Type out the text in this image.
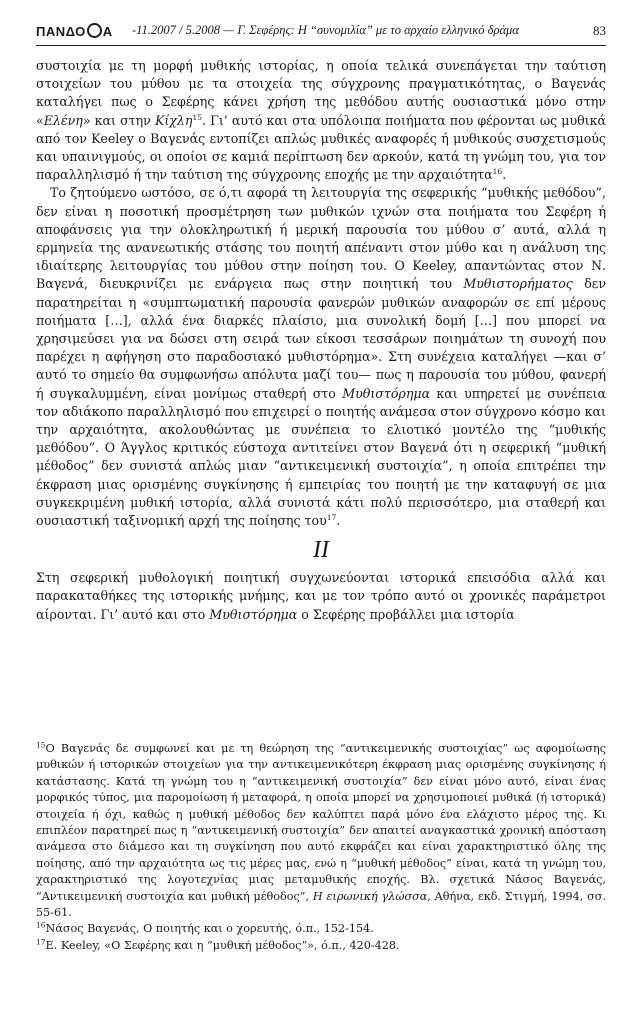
ΠΑΝΔΟ Α -11.2007 / 5.2008 — Γ. Σεφέρης: Η “συνομιλία” με το αρχαίο ελληνικό δράμα	83

συστοιχία με τη μορφή μυθικής ιστορίας, η οποία τελικά συνεπάγεται την ταύτιση στοιχείων του μύθου με τα στοιχεία της σύγχρονης πραγματικότητας, ο Βαγενάς καταλήγει πως ο Σεφέρης κάνει χρήση της μεθόδου αυτής ουσιαστικά μόνο στην «Ελένη» και στην Κίχλη$^{15}$. Γι’ αυτό και στα υπόλοιπα ποιήματα που φέρονται ως μυθικά από τον Keeley ο Βαγενάς εντοπίζει απλώς μυθικές αναφορές ή μυθικούς συσχετισμούς και υπαινιγμούς, οι οποίοι σε καμιά περίπτωση δεν αρκούν, κατά τη γνώμη του, για τον παραλληλισμό ή την ταύτιση της σύγχρονης εποχής με την αρχαιότητα$^{16}$.

Το ζητούμενο ωστόσο, σε ό,τι αφορά τη λειτουργία της σεφερικής “μυθικής μεθόδου”, δεν είναι η ποσοτική προσμέτρηση των μυθικών ιχνών στα ποιήματα του Σεφέρη ή αποφάνσεις για την ολοκληρωτική ή μερική παρουσία του μύθου σ’ αυτά, αλλά η ερμηνεία της ανανεωτικής στάσης του ποιητή απέναντι στον μύθο και η ανάλυση της ιδιαίτερης λειτουργίας του μύθου στην ποίηση του. Ο Keeley, απαντώντας στον Ν. Βαγενά, διευκρινίζει με ενάργεια πως στην ποιητική του Μυθιστορήματος δεν παρατηρείται η «συμπτωματική παρουσία φανερών μυθικών αναφορών σε επί μέρους ποιήματα […], αλλά ένα διαρκές πλαίσιο, μια συνολική δομή […] που μπορεί να χρησιμεύσει για να δώσει στη σειρά των είκοσι τεσσάρων ποιημάτων τη συνοχή που παρέχει η αφήγηση στο παραδοσιακό μυθιστόρημα». Στη συνέχεια καταλήγει —και σ’ αυτό το σημείο θα συμφωνήσω απόλυτα μαζί του— πως η παρουσία του μύθου, φανερή ή συγκαλυμμένη, είναι μονίμως σταθερή στο Μυθιστόρημα και υπηρετεί με συνέπεια τον αδιάκοπο παραλληλισμό που επιχειρεί ο ποιητής ανάμεσα στον σύγχρονο κόσμο και την αρχαιότητα, ακολουθώντας με συνέπεια το ελιοτικό μοντέλο της “μυθικής μεθόδου”. Ο Άγγλος κριτικός εύστοχα αντιτείνει στον Βαγενά ότι η σεφερική “μυθική μέθοδος” δεν συνιστά απλώς μιαν “αντικειμενική συστοιχία”, η οποία επιτρέπει την έκφραση μιας ορισμένης συγκίνησης ή εμπειρίας του ποιητή με την καταφυγή σε μια συγκεκριμένη μυθική ιστορία, αλλά συνιστά κάτι πολύ περισσότερο, μια σταθερή και ουσιαστική ταξινομική αρχή της ποίησης του$^{17}$.

II

Στη σεφερική μυθολογική ποιητική συγχωνεύονται ιστορικά επεισόδια αλλά και παρακαταθήκες της ιστορικής μνήμης, και με τον τρόπο αυτό οι χρονικές παράμετροι αίρονται. Γι’ αυτό και στο Μυθιστόρημα ο Σεφέρης προβάλλει μια ιστορία

$^{15}$Ο Βαγενάς δε συμφωνεί και με τη θεώρηση της “αντικειμενικής συστοιχίας” ως αφομοίωσης μυθικών ή ιστορικών στοιχείων για την αντικειμενικότερη έκφραση μιας ορισμένης συγκίνησης ή κατάστασης. Κατά τη γνώμη του η “αντικειμενική συστοιχία” δεν είναι μόνο αυτό, είναι ένας μορφικός τύπος, μια παρομοίωση ή μεταφορά, η οποία μπορεί να χρησιμοποιεί μυθικά (ή ιστορικά) στοιχεία ή όχι, καθώς η μυθική μέθοδος δεν καλύπτει παρά μόνο ένα ελάχιστο μέρος της. Κι επιπλέον παρατηρεί πως η “αντικειμενική συστοιχία” δεν απαιτεί αναγκαστικά χρονική απόσταση ανάμεσα στο διάμεσο και τη συγκίνηση που αυτό εκφράζει και είναι χαρακτηριστικό όλης της ποίησης, από την αρχαιότητα ως τις μέρες μας, ενώ η “μυθική μέθοδος” είναι, κατά τη γνώμη του, χαρακτηριστικό της λογοτεχνίας μιας μεταμυθικής εποχής. Βλ. σχετικά Νάσος Βαγενάς, “Αντικειμενική συστοιχία και μυθική μέθοδος”, Η ειρωνική γλώσσα, Αθήνα, εκδ. Στιγμή, 1994, σσ. 55-61.

$^{16}$Νάσος Βαγενάς, Ο ποιητής και ο χορευτής, ό.π., 152-154.

$^{17}$E. Keeley, «Ο Σεφέρης και η “μυθική μέθοδος”», ό.π., 420-428.
